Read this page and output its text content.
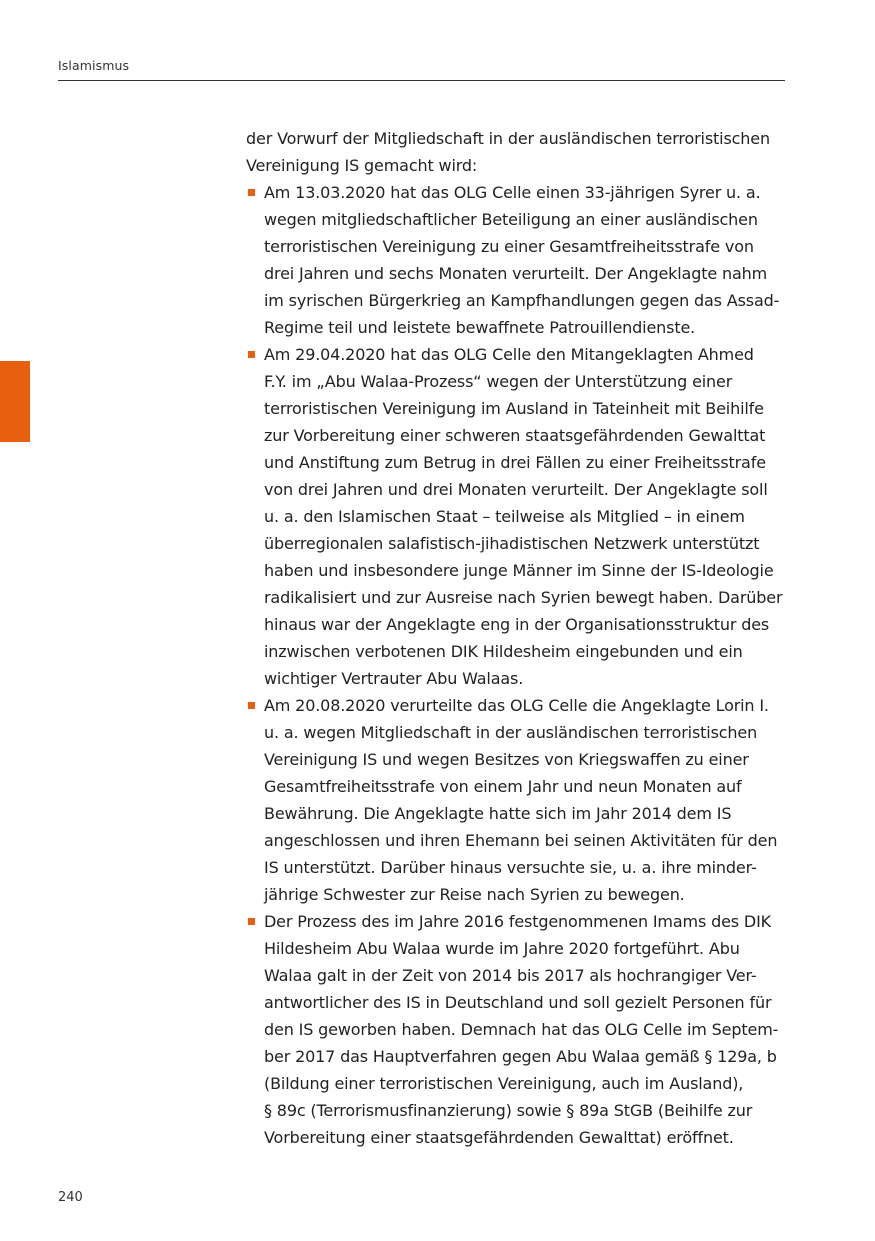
Islamismus

der Vorwurf der Mitgliedschaft in der ausländischen terroristischen
Vereinigung IS gemacht wird:

Am 13.03.2020 hat das OLG Celle einen 33-jährigen Syrer u. a.
wegen mitgliedschaftlicher Beteiligung an einer ausländischen
terroristischen Vereinigung zu einer Gesamtfreiheitsstrafe von
drei Jahren und sechs Monaten verurteilt. Der Angeklagte nahm
im syrischen Bürgerkrieg an Kampfhandlungen gegen das Assad-
Regime teil und leistete bewaffnete Patrouillendienste.
Am 29.04.2020 hat das OLG Celle den Mitangeklagten Ahmed
F.Y. im „Abu Walaa-Prozess“ wegen der Unterstützung einer
terroristischen Vereinigung im Ausland in Tateinheit mit Beihilfe
zur Vorbereitung einer schweren staatsgefährdenden Gewalttat
und Anstiftung zum Betrug in drei Fällen zu einer Freiheitsstrafe
von drei Jahren und drei Monaten verurteilt. Der Angeklagte soll
u. a. den Islamischen Staat – teilweise als Mitglied – in einem
überregionalen salafistisch-jihadistischen Netzwerk unterstützt
haben und insbesondere junge Männer im Sinne der IS-Ideologie
radikalisiert und zur Ausreise nach Syrien bewegt haben. Darüber
hinaus war der Angeklagte eng in der Organisationsstruktur des
inzwischen verbotenen DIK Hildesheim eingebunden und ein
wichtiger Vertrauter Abu Walaas.
Am 20.08.2020 verurteilte das OLG Celle die Angeklagte Lorin I.
u. a. wegen Mitgliedschaft in der ausländischen terroristischen
Vereinigung IS und wegen Besitzes von Kriegswaffen zu einer
Gesamtfreiheitsstrafe von einem Jahr und neun Monaten auf
Bewährung. Die Angeklagte hatte sich im Jahr 2014 dem IS
angeschlossen und ihren Ehemann bei seinen Aktivitäten für den
IS unterstützt. Darüber hinaus versuchte sie, u. a. ihre minder-
jährige Schwester zur Reise nach Syrien zu bewegen.
Der Prozess des im Jahre 2016 festgenommenen Imams des DIK
Hildesheim Abu Walaa wurde im Jahre 2020 fortgeführt. Abu
Walaa galt in der Zeit von 2014 bis 2017 als hochrangiger Ver-
antwortlicher des IS in Deutschland und soll gezielt Personen für
den IS geworben haben. Demnach hat das OLG Celle im Septem-
ber 2017 das Hauptverfahren gegen Abu Walaa gemäß § 129a, b
(Bildung einer terroristischen Vereinigung, auch im Ausland),
§ 89c (Terrorismusfinanzierung) sowie § 89a StGB (Beihilfe zur
Vorbereitung einer staatsgefährdenden Gewalttat) eröffnet.
240
